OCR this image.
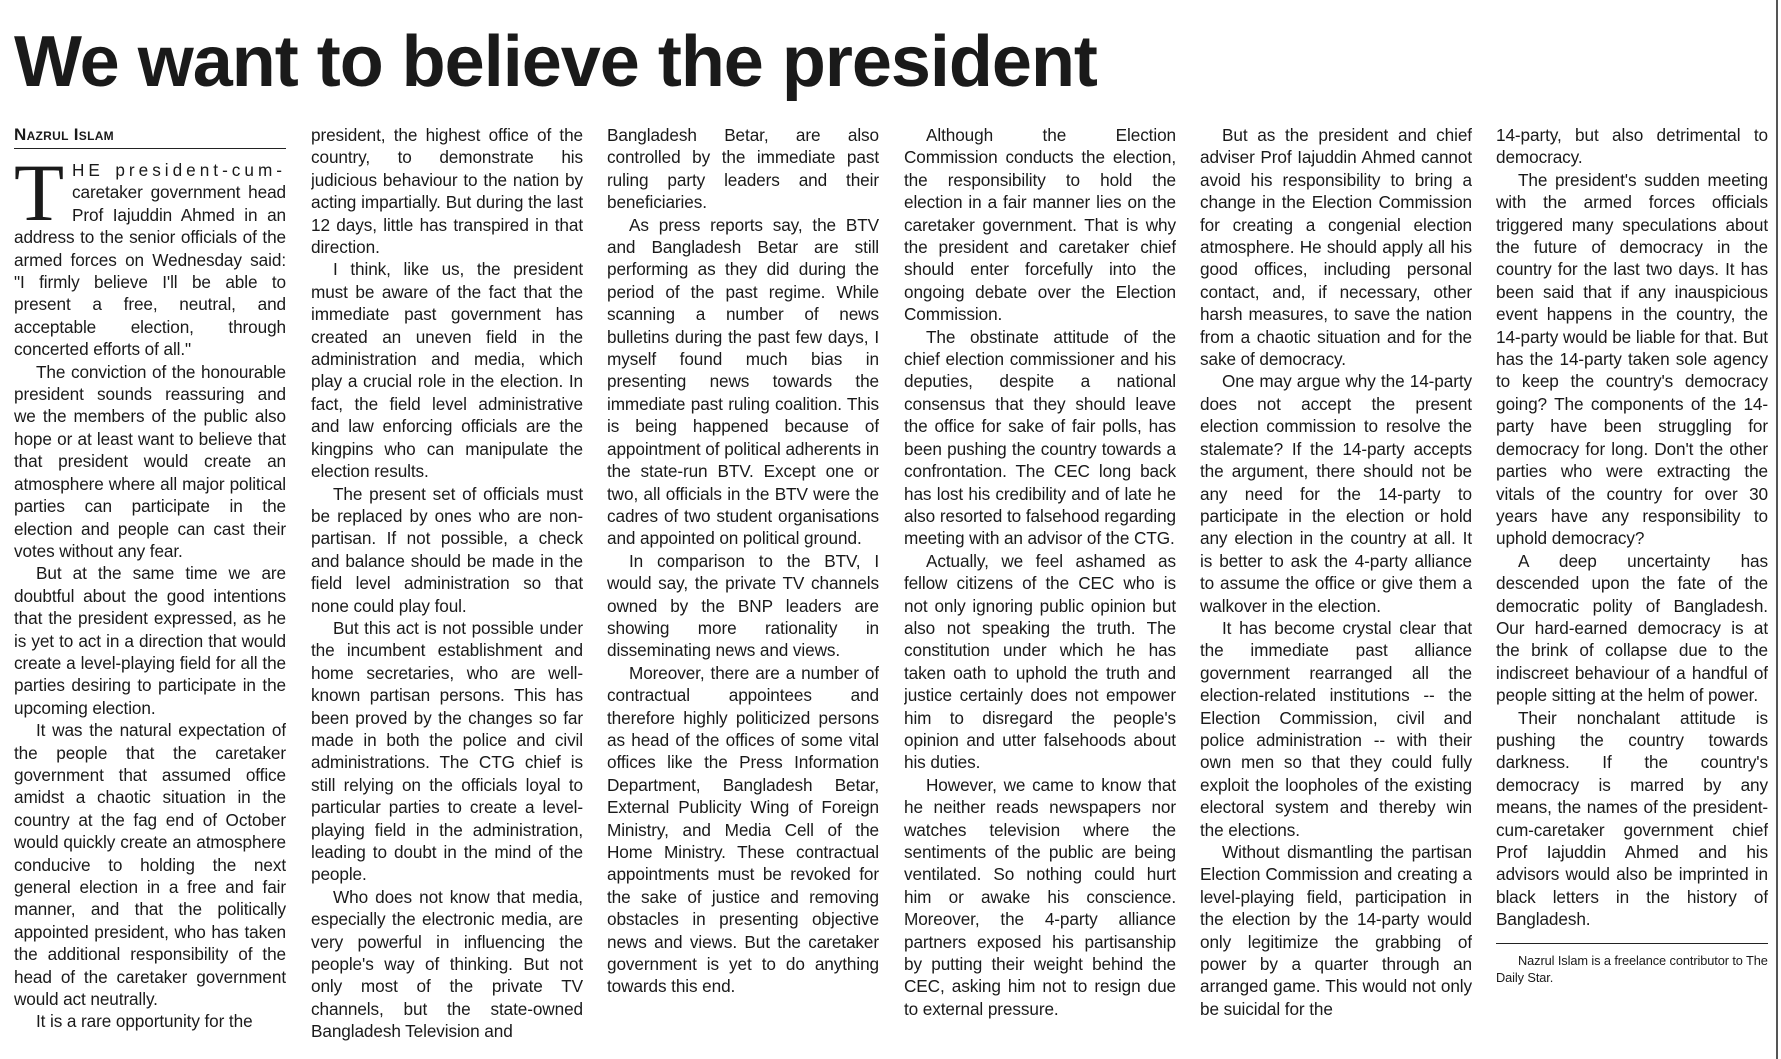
We want to believe the president
Nazrul Islam

THE president-cum- caretaker government head Prof Iajuddin Ahmed in an address to the senior officials of the armed forces on Wednesday said: "I firmly believe I'll be able to present a free, neutral, and acceptable election, through concerted efforts of all."

The conviction of the honourable president sounds reassuring and we the members of the public also hope or at least want to believe that that president would create an atmosphere where all major political parties can participate in the election and people can cast their votes without any fear.

But at the same time we are doubtful about the good intentions that the president expressed, as he is yet to act in a direction that would create a level-playing field for all the parties desiring to participate in the upcoming election.

It was the natural expectation of the people that the caretaker government that assumed office amidst a chaotic situation in the country at the fag end of October would quickly create an atmosphere conducive to holding the next general election in a free and fair manner, and that the politically appointed president, who has taken the additional responsibility of the head of the caretaker government would act neutrally.

It is a rare opportunity for the

president, the highest office of the country, to demonstrate his judicious behaviour to the nation by acting impartially. But during the last 12 days, little has transpired in that direction.

I think, like us, the president must be aware of the fact that the immediate past government has created an uneven field in the administration and media, which play a crucial role in the election. In fact, the field level administrative and law enforcing officials are the kingpins who can manipulate the election results.

The present set of officials must be replaced by ones who are non-partisan. If not possible, a check and balance should be made in the field level administration so that none could play foul.

But this act is not possible under the incumbent establishment and home secretaries, who are well-known partisan persons. This has been proved by the changes so far made in both the police and civil administrations. The CTG chief is still relying on the officials loyal to particular parties to create a level-playing field in the administration, leading to doubt in the mind of the people.

Who does not know that media, especially the electronic media, are very powerful in influencing the people's way of thinking. But not only most of the private TV channels, but the state-owned Bangladesh Television and

Bangladesh Betar, are also controlled by the immediate past ruling party leaders and their beneficiaries.

As press reports say, the BTV and Bangladesh Betar are still performing as they did during the period of the past regime. While scanning a number of news bulletins during the past few days, I myself found much bias in presenting news towards the immediate past ruling coalition. This is being happened because of appointment of political adherents in the state-run BTV. Except one or two, all officials in the BTV were the cadres of two student organisations and appointed on political ground.

In comparison to the BTV, I would say, the private TV channels owned by the BNP leaders are showing more rationality in disseminating news and views.

Moreover, there are a number of contractual appointees and therefore highly politicized persons as head of the offices of some vital offices like the Press Information Department, Bangladesh Betar, External Publicity Wing of Foreign Ministry, and Media Cell of the Home Ministry. These contractual appointments must be revoked for the sake of justice and removing obstacles in presenting objective news and views. But the caretaker government is yet to do anything towards this end.

Although the Election Commission conducts the election, the responsibility to hold the election in a fair manner lies on the caretaker government. That is why the president and caretaker chief should enter forcefully into the ongoing debate over the Election Commission.

The obstinate attitude of the chief election commissioner and his deputies, despite a national consensus that they should leave the office for sake of fair polls, has been pushing the country towards a confrontation. The CEC long back has lost his credibility and of late he also resorted to falsehood regarding meeting with an advisor of the CTG.

Actually, we feel ashamed as fellow citizens of the CEC who is not only ignoring public opinion but also not speaking the truth. The constitution under which he has taken oath to uphold the truth and justice certainly does not empower him to disregard the people's opinion and utter falsehoods about his duties.

However, we came to know that he neither reads newspapers nor watches television where the sentiments of the public are being ventilated. So nothing could hurt him or awake his conscience. Moreover, the 4-party alliance partners exposed his partisanship by putting their weight behind the CEC, asking him not to resign due to external pressure.

But as the president and chief adviser Prof Iajuddin Ahmed cannot avoid his responsibility to bring a change in the Election Commission for creating a congenial election atmosphere. He should apply all his good offices, including personal contact, and, if necessary, other harsh measures, to save the nation from a chaotic situation and for the sake of democracy.

One may argue why the 14-party does not accept the present election commission to resolve the stalemate? If the 14-party accepts the argument, there should not be any need for the 14-party to participate in the election or hold any election in the country at all. It is better to ask the 4-party alliance to assume the office or give them a walkover in the election.

It has become crystal clear that the immediate past alliance government rearranged all the election-related institutions -- the Election Commission, civil and police administration -- with their own men so that they could fully exploit the loopholes of the existing electoral system and thereby win the elections.

Without dismantling the partisan Election Commission and creating a level-playing field, participation in the election by the 14-party would only legitimize the grabbing of power by a quarter through an arranged game. This would not only be suicidal for the

14-party, but also detrimental to democracy.

The president's sudden meeting with the armed forces officials triggered many speculations about the future of democracy in the country for the last two days. It has been said that if any inauspicious event happens in the country, the 14-party would be liable for that. But has the 14-party taken sole agency to keep the country's democracy going? The components of the 14-party have been struggling for democracy for long. Don't the other parties who were extracting the vitals of the country for over 30 years have any responsibility to uphold democracy?

A deep uncertainty has descended upon the fate of the democratic polity of Bangladesh. Our hard-earned democracy is at the brink of collapse due to the indiscreet behaviour of a handful of people sitting at the helm of power.

Their nonchalant attitude is pushing the country towards darkness. If the country's democracy is marred by any means, the names of the president-cum-caretaker government chief Prof Iajuddin Ahmed and his advisors would also be imprinted in black letters in the history of Bangladesh.

Nazrul Islam is a freelance contributor to The Daily Star.
